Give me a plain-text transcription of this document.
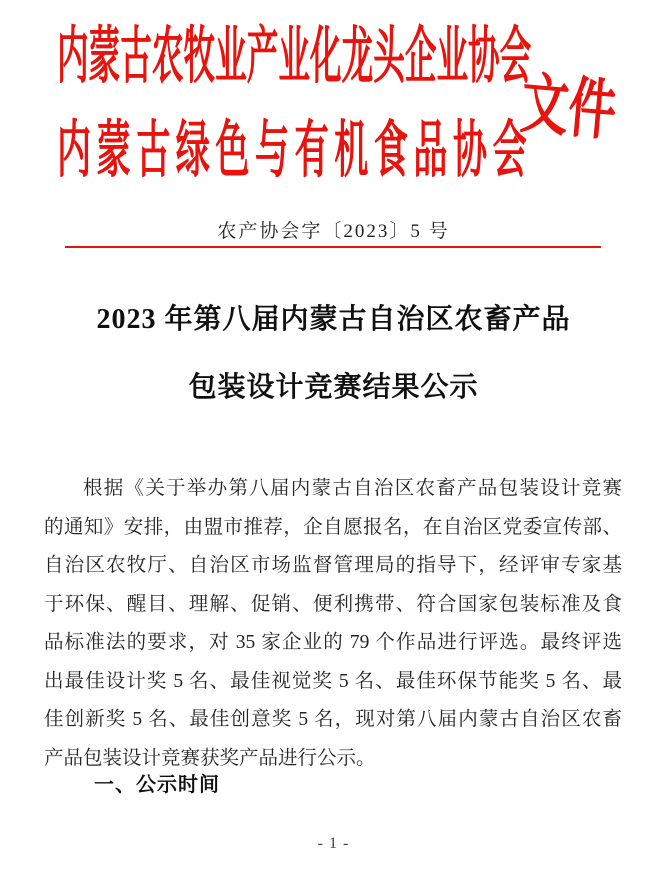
内蒙古农牧业产业化龙头企业协会
文件
内蒙古绿色与有机食品协会
农产协会字〔2023〕5 号
2023 年第八届内蒙古自治区农畜产品
包装设计竞赛结果公示
根据《关于举办第八届内蒙古自治区农畜产品包装设计竞赛
的通知》安排，由盟市推荐，企自愿报名，在自治区党委宣传部、
自治区农牧厅、自治区市场监督管理局的指导下，经评审专家基
于环保、醒目、理解、促销、便利携带、符合国家包装标准及食
品标准法的要求，对 35 家企业的 79 个作品进行评选。最终评选
出最佳设计奖 5 名、最佳视觉奖 5 名、最佳环保节能奖 5 名、最
佳创新奖 5 名、最佳创意奖 5 名，现对第八届内蒙古自治区农畜
产品包装设计竞赛获奖产品进行公示。
一、公示时间
- 1 -
